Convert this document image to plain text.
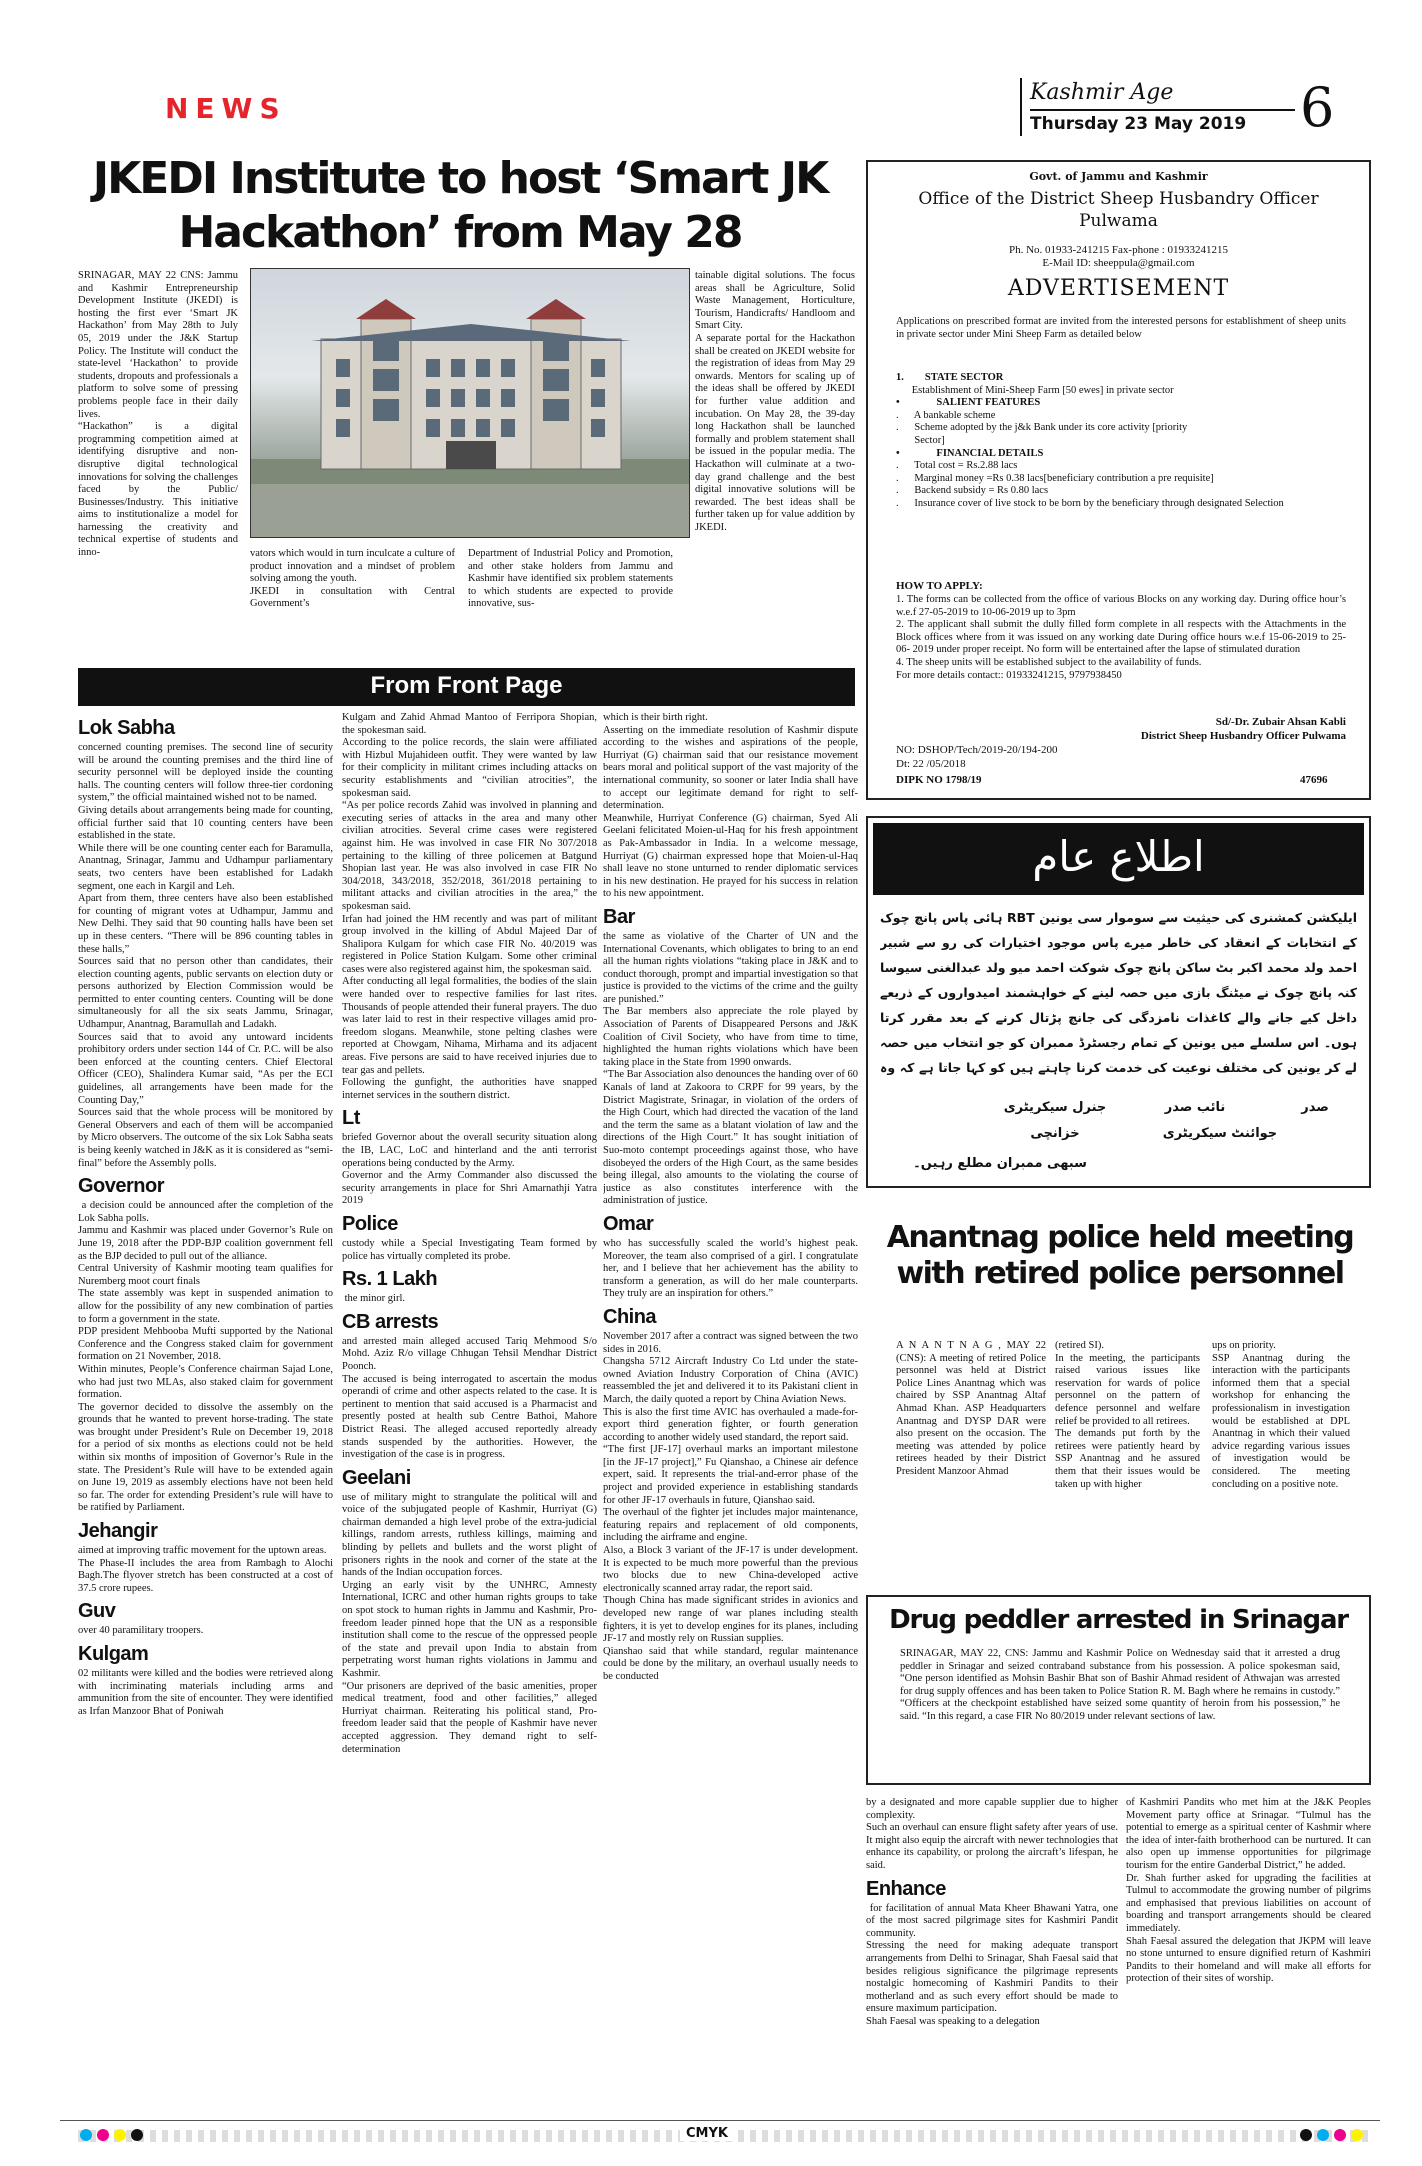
NEWS	Kashmir Age
Thursday 23 May 2019 6
JKEDI Institute to host ‘Smart JK Hackathon’ from May 28

SRINAGAR, MAY 22 CNS: Jammu and Kashmir Entrepreneurship Development Institute (JKEDI) is hosting the first ever ‘Smart JK Hackathon’ from May 28th to July 05, 2019 under the J&K Startup Policy. The Institute will conduct the state-level ‘Hackathon’ to provide students, dropouts and professionals a platform to solve some of pressing problems people face in their daily lives.
“Hackathon” is a digital programming competition aimed at identifying disruptive and non-disruptive digital technological innovations for solving the challenges faced by the Public/ Businesses/Industry. This initiative aims to institutionalize a model for harnessing the creativity and technical expertise of students and inno-	vators which would in turn inculcate a culture of product innovation and a mindset of problem solving among the youth.
JKEDI in consultation with Central Government’s

Department of Industrial Policy and Promotion, and other stake holders from Jammu and Kashmir have identified six problem statements to which students are expected to provide innovative, sus-

tainable digital solutions. The focus areas shall be Agriculture, Solid Waste Management, Horticulture, Tourism, Handicrafts/ Handloom and Smart City.
A separate portal for the Hackathon shall be created on JKEDI website for the registration of ideas from May 29 onwards. Mentors for scaling up of the ideas shall be offered by JKEDI for further value addition and incubation. On May 28, the 39-day long Hackathon shall be launched formally and problem statement shall be issued in the popular media. The Hackathon will culminate at a two-day grand challenge and the best digital innovative solutions will be rewarded. The best ideas shall be further taken up for value addition by JKEDI.

From Front Page
Lok Sabha

concerned counting premises. The second line of security will be around the counting premises and the third line of security personnel will be deployed inside the counting halls. The counting centers will follow three-tier cordoning system,” the official maintained wished not to be named.
Giving details about arrangements being made for counting, official further said that 10 counting centers have been established in the state.
While there will be one counting center each for Baramulla, Anantnag, Srinagar, Jammu and Udhampur parliamentary seats, two centers have been established for Ladakh segment, one each in Kargil and Leh.
Apart from them, three centers have also been established for counting of migrant votes at Udhampur, Jammu and New Delhi. They said that 90 counting halls have been set up in these centers. “There will be 896 counting tables in these halls,”
Sources said that no person other than candidates, their election counting agents, public servants on election duty or persons authorized by Election Commission would be permitted to enter counting centers. Counting will be done simultaneously for all the six seats Jammu, Srinagar, Udhampur, Anantnag, Baramullah and Ladakh.
Sources said that to avoid any untoward incidents prohibitory orders under section 144 of Cr. P.C. will be also been enforced at the counting centers. Chief Electoral Officer (CEO), Shalindera Kumar said, “As per the ECI guidelines, all arrangements have been made for the Counting Day,”
Sources said that the whole process will be monitored by General Observers and each of them will be accompanied by Micro observers. The outcome of the six Lok Sabha seats is being keenly watched in J&K as it is considered as “semi-final” before the Assembly polls.

Governor

a decision could be announced after the completion of the Lok Sabha polls.
Jammu and Kashmir was placed under Governor’s Rule on June 19, 2018 after the PDP-BJP coalition government fell as the BJP decided to pull out of the alliance.
Central University of Kashmir mooting team qualifies for Nuremberg moot court finals
The state assembly was kept in suspended animation to allow for the possibility of any new combination of parties to form a government in the state.
PDP president Mehbooba Mufti supported by the National Conference and the Congress staked claim for government formation on 21 November, 2018.
Within minutes, People’s Conference chairman Sajad Lone, who had just two MLAs, also staked claim for government formation.
The governor decided to dissolve the assembly on the grounds that he wanted to prevent horse-trading. The state was brought under President’s Rule on December 19, 2018 for a period of six months as elections could not be held within six months of imposition of Governor’s Rule in the state. The President’s Rule will have to be extended again on June 19, 2019 as assembly elections have not been held so far. The order for extending President’s rule will have to be ratified by Parliament.

Jehangir

aimed at improving traffic movement for the uptown areas.
The Phase-II includes the area from Rambagh to Alochi Bagh.The flyover stretch has been constructed at a cost of 37.5 crore rupees.

Guv

over 40 paramilitary troopers.

Kulgam

02 militants were killed and the bodies were retrieved along with incriminating materials including arms and ammunition from the site of encounter. They were identified as Irfan Manzoor Bhat of Poniwah

Kulgam and Zahid Ahmad Mantoo of Ferripora Shopian, the spokesman said.
According to the police records, the slain were affiliated with Hizbul Mujahideen outfit. They were wanted by law for their complicity in militant crimes including attacks on security establishments and “civilian atrocities”, the spokesman said.
“As per police records Zahid was involved in planning and executing series of attacks in the area and many other civilian atrocities. Several crime cases were registered against him. He was involved in case FIR No 307/2018 pertaining to the killing of three policemen at Batgund Shopian last year. He was also involved in case FIR No 304/2018, 343/2018, 352/2018, 361/2018 pertaining to militant attacks and civilian atrocities in the area,” the spokesman said.
Irfan had joined the HM recently and was part of militant group involved in the killing of Abdul Majeed Dar of Shalipora Kulgam for which case FIR No. 40/2019 was registered in Police Station Kulgam. Some other criminal cases were also registered against him, the spokesman said.
After conducting all legal formalities, the bodies of the slain were handed over to respective families for last rites. Thousands of people attended their funeral prayers. The duo was later laid to rest in their respective villages amid pro-freedom slogans. Meanwhile, stone pelting clashes were reported at Chowgam, Nihama, Mirhama and its adjacent areas. Five persons are said to have received injuries due to tear gas and pellets.
Following the gunfight, the authorities have snapped internet services in the southern district.

Lt

briefed Governor about the overall security situation along the IB, LAC, LoC and hinterland and the anti terrorist operations being conducted by the Army.
Governor and the Army Commander also discussed the security arrangements in place for Shri Amarnathji Yatra 2019

Police

custody while a Special Investigating Team formed by police has virtually completed its probe.

Rs. 1 Lakh

the minor girl.

CB arrests

and arrested main alleged accused Tariq Mehmood S/o Mohd. Aziz R/o village Chhugan Tehsil Mendhar District Poonch.
The accused is being interrogated to ascertain the modus operandi of crime and other aspects related to the case. It is pertinent to mention that said accused is a Pharmacist and presently posted at health sub Centre Bathoi, Mahore District Reasi. The alleged accused reportedly already stands suspended by the authorities. However, the investigation of the case is in progress.

Geelani

use of military might to strangulate the political will and voice of the subjugated people of Kashmir, Hurriyat (G) chairman demanded a high level probe of the extra-judicial killings, random arrests, ruthless killings, maiming and blinding by pellets and bullets and the worst plight of prisoners rights in the nook and corner of the state at the hands of the Indian occupation forces.
Urging an early visit by the UNHRC, Amnesty International, ICRC and other human rights groups to take on spot stock to human rights in Jammu and Kashmir, Pro-freedom leader pinned hope that the UN as a responsible institution shall come to the rescue of the oppressed people of the state and prevail upon India to abstain from perpetrating worst human rights violations in Jammu and Kashmir.
“Our prisoners are deprived of the basic amenities, proper medical treatment, food and other facilities,” alleged Hurriyat chairman. Reiterating his political stand, Pro-freedom leader said that the people of Kashmir have never accepted aggression. They demand right to self-determination

which is their birth right.
Asserting on the immediate resolution of Kashmir dispute according to the wishes and aspirations of the people, Hurriyat (G) chairman said that our resistance movement bears moral and political support of the vast majority of the international community, so sooner or later India shall have to accept our legitimate demand for right to self-determination.
Meanwhile, Hurriyat Conference (G) chairman, Syed Ali Geelani felicitated Moien-ul-Haq for his fresh appointment as Pak-Ambassador in India. In a welcome message, Hurriyat (G) chairman expressed hope that Moien-ul-Haq shall leave no stone unturned to render diplomatic services in his new destination. He prayed for his success in relation to his new appointment.

Bar

the same as violative of the Charter of UN and the International Covenants, which obligates to bring to an end all the human rights violations “taking place in J&K and to conduct thorough, prompt and impartial investigation so that justice is provided to the victims of the crime and the guilty are punished.”
The Bar members also appreciate the role played by Association of Parents of Disappeared Persons and J&K Coalition of Civil Society, who have from time to time, highlighted the human rights violations which have been taking place in the State from 1990 onwards.
“The Bar Association also denounces the handing over of 60 Kanals of land at Zakoora to CRPF for 99 years, by the District Magistrate, Srinagar, in violation of the orders of the High Court, which had directed the vacation of the land and the term the same as a blatant violation of law and the directions of the High Court.” It has sought initiation of Suo-moto contempt proceedings against those, who have disobeyed the orders of the High Court, as the same besides being illegal, also amounts to the violating the course of justice as also constitutes interference with the administration of justice.

Omar

who has successfully scaled the world’s highest peak. Moreover, the team also comprised of a girl. I congratulate her, and I believe that her achievement has the ability to transform a generation, as will do her male counterparts. They truly are an inspiration for others.”

China

November 2017 after a contract was signed between the two sides in 2016.
Changsha 5712 Aircraft Industry Co Ltd under the state-owned Aviation Industry Corporation of China (AVIC) reassembled the jet and delivered it to its Pakistani client in March, the daily quoted a report by China Aviation News.
This is also the first time AVIC has overhauled a made-for-export third generation fighter, or fourth generation according to another widely used standard, the report said.
“The first [JF-17] overhaul marks an important milestone [in the JF-17 project],” Fu Qianshao, a Chinese air defence expert, said. It represents the trial-and-error phase of the project and provided experience in establishing standards for other JF-17 overhauls in future, Qianshao said.
The overhaul of the fighter jet includes major maintenance, featuring repairs and replacement of old components, including the airframe and engine.
Also, a Block 3 variant of the JF-17 is under development. It is expected to be much more powerful than the previous two blocks due to new China-developed active electronically scanned array radar, the report said.
Though China has made significant strides in avionics and developed new range of war planes including stealth fighters, it is yet to develop engines for its planes, including JF-17 and mostly rely on Russian supplies.
Qianshao said that while standard, regular maintenance could be done by the military, an overhaul usually needs to be conducted

by a designated and more capable supplier due to higher complexity.
Such an overhaul can ensure flight safety after years of use. It might also equip the aircraft with newer technologies that enhance its capability, or prolong the aircraft’s lifespan, he said.

Enhance

for facilitation of annual Mata Kheer Bhawani Yatra, one of the most sacred pilgrimage sites for Kashmiri Pandit community.
Stressing the need for making adequate transport arrangements from Delhi to Srinagar, Shah Faesal said that besides religious significance the pilgrimage represents nostalgic homecoming of Kashmiri Pandits to their motherland and as such every effort should be made to ensure maximum participation.
Shah Faesal was speaking to a delegation

of Kashmiri Pandits who met him at the J&K Peoples Movement party office at Srinagar. “Tulmul has the potential to emerge as a spiritual center of Kashmir where the idea of inter-faith brotherhood can be nurtured. It can also open up immense opportunities for pilgrimage tourism for the entire Ganderbal District,” he added.
Dr. Shah further asked for upgrading the facilities at Tulmul to accommodate the growing number of pilgrims and emphasised that previous liabilities on account of boarding and transport arrangements should be cleared immediately.
Shah Faesal assured the delegation that JKPM will leave no stone unturned to ensure dignified return of Kashmiri Pandits to their homeland and will make all efforts for protection of their sites of worship.

Govt. of Jammu and Kashmir
Office of the District Sheep Husbandry Officer Pulwama
Ph. No. 01933-241215 Fax-phone : 01933241215
E-Mail ID: sheeppula@gmail.com
ADVERTISEMENT

Applications on prescribed format are invited from the interested persons for establishment of sheep units in private sector under Mini Sheep Farm as detailed below

1.        STATE SECTOR

Establishment of Mini-Sheep Farm [50 ewes] in private sector

•              SALIENT FEATURES

.      A bankable scheme

.      Scheme adopted by the j&k Bank under its core activity [priority

Sector]

•              FINANCIAL DETAILS

.      Total cost = Rs.2.88 lacs

.      Marginal money =Rs 0.38 lacs[beneficiary contribution a pre requisite]

.      Backend subsidy = Rs 0.80 lacs

.      Insurance cover of live stock to be born by the beneficiary through designated Selection

HOW TO APPLY:

1. The forms can be collected from the office of various Blocks on any working day. During office hour’s w.e.f 27-05-2019 to 10-06-2019 up to 3pm
2. The applicant shall submit the dully filled form complete in all respects with the Attachments in the Block offices where from it was issued on any working date During office hours w.e.f 15-06-2019 to 25-06- 2019 under proper receipt. No form will be entertained after the lapse of stimulated duration
4. The sheep units will be established subject to the availability of funds.
For more details contact:: 01933241215, 9797938450

Sd/-Dr. Zubair Ahsan Kabli
District Sheep Husbandry Officer Pulwama
NO: DSHOP/Tech/2019-20/194-200
Dt: 22 /05/2018
DIPK NO 1798/19	47696
اطلاع عام
ایلیکشن کمشنری کی حیثیت سے سوموار سی یونین RBT ہائی پاس پانچ چوک کے انتخابات کے انعقاد کی خاطر میرے پاس موجود اختیارات کی رو سے شبیر احمد ولد محمد اکبر بٹ ساکن پانچ چوک شوکت احمد میو ولد عبدالغنی سیوسا کنہ پانچ چوک نے میٹنگ بازی میں حصہ لینے کے خواہشمند امیدواروں کے ذریعے داخل کیے جانے والے کاغذات نامزدگی کی جانچ پڑتال کرنے کے بعد مقرر کرتا ہوں۔ اس سلسلے میں یونین کے تمام رجسٹرڈ ممبران کو جو انتخاب میں حصہ لے کر یونین کی مختلف نوعیت کی خدمت کرنا چاہتے ہیں کو کہا جاتا ہے کہ وہ
صدر
نائب صدر
جنرل سیکریٹری
جوائنٹ سیکریٹری
خزانچی
سبھی ممبران مطلع رہیں۔
Anantnag police held meeting with retired police personnel

A N A N T N A G , MAY 22 (CNS): A meeting of retired Police personnel was held at District Police Lines Anantnag which was chaired by SSP Anantnag Altaf Ahmad Khan. ASP Headquarters Anantnag and DYSP DAR were also present on the occasion. The meeting was attended by police retirees headed by their District President Manzoor Ahmad

(retired SI).
In the meeting, the participants raised various issues like reservation for wards of police personnel on the pattern of defence personnel and welfare relief be provided to all retirees.
The demands put forth by the retirees were patiently heard by SSP Anantnag and he assured them that their issues would be taken up with higher

ups on priority.
SSP Anantnag during the interaction with the participants informed them that a special workshop for enhancing the professionalism in investigation would be established at DPL Anantnag in which their valued advice regarding various issues of investigation would be considered. The meeting concluding on a positive note.

Drug peddler arrested in Srinagar

SRINAGAR, MAY 22, CNS: Jammu and Kashmir Police on Wednesday said that it arrested a drug peddler in Srinagar and seized contraband substance from his possession. A police spokesman said, “One person identified as Mohsin Bashir Bhat son of Bashir Ahmad resident of Athwajan was arrested for drug supply offences and has been taken to Police Station R. M. Bagh where he remains in custody.” “Officers at the checkpoint established have seized some quantity of heroin from his possession,” he said. “In this regard, a case FIR No 80/2019 under relevant sections of law.

CMYK
